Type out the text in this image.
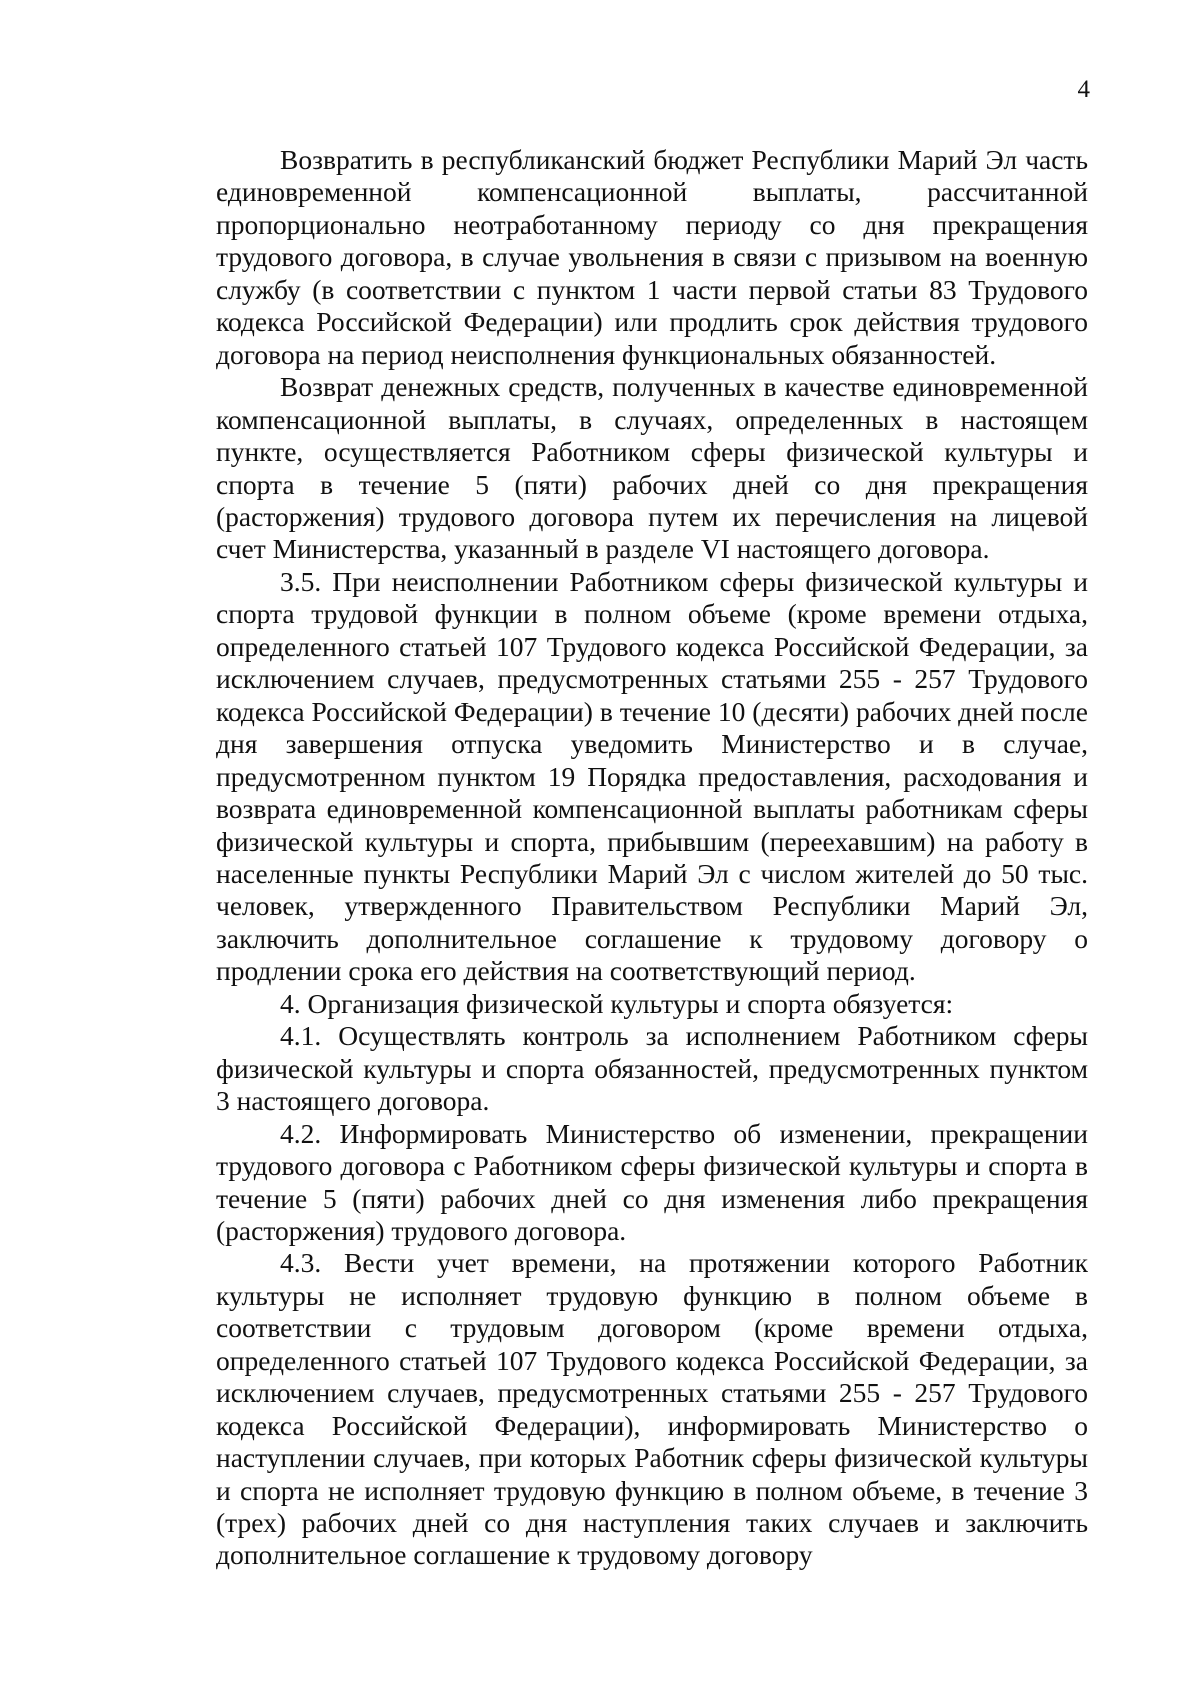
4

Возвратить в республиканский бюджет Республики Марий Эл часть единовременной компенсационной выплаты, рассчитанной пропорционально неотработанному периоду со дня прекращения трудового договора, в случае увольнения в связи с призывом на военную службу (в соответствии с пунктом 1 части первой статьи 83 Трудового кодекса Российской Федерации) или продлить срок действия трудового договора на период неисполнения функциональных обязанностей.

Возврат денежных средств, полученных в качестве единовременной компенсационной выплаты, в случаях, определенных в настоящем пункте, осуществляется Работником сферы физической культуры и спорта в течение 5 (пяти) рабочих дней со дня прекращения (расторжения) трудового договора путем их перечисления на лицевой счет Министерства, указанный в разделе VI настоящего договора.

3.5. При неисполнении Работником сферы физической культуры и спорта трудовой функции в полном объеме (кроме времени отдыха, определенного статьей 107 Трудового кодекса Российской Федерации, за исключением случаев, предусмотренных статьями 255 - 257 Трудового кодекса Российской Федерации) в течение 10 (десяти) рабочих дней после дня завершения отпуска уведомить Министерство и в случае, предусмотренном пунктом 19 Порядка предоставления, расходования и возврата единовременной компенсационной выплаты работникам сферы физической культуры и спорта, прибывшим (переехавшим) на работу в населенные пункты Республики Марий Эл с числом жителей до 50 тыс. человек, утвержденного Правительством Республики Марий Эл, заключить дополнительное соглашение к трудовому договору о продлении срока его действия на соответствующий период.

4. Организация физической культуры и спорта обязуется:

4.1. Осуществлять контроль за исполнением Работником сферы физической культуры и спорта обязанностей, предусмотренных пунктом 3 настоящего договора.

4.2. Информировать Министерство об изменении, прекращении трудового договора с Работником сферы физической культуры и спорта в течение 5 (пяти) рабочих дней со дня изменения либо прекращения (расторжения) трудового договора.

4.3. Вести учет времени, на протяжении которого Работник культуры не исполняет трудовую функцию в полном объеме в соответствии с трудовым договором (кроме времени отдыха, определенного статьей 107 Трудового кодекса Российской Федерации, за исключением случаев, предусмотренных статьями 255 - 257 Трудового кодекса Российской Федерации), информировать Министерство о наступлении случаев, при которых Работник сферы физической культуры и спорта не исполняет трудовую функцию в полном объеме, в течение 3 (трех) рабочих дней со дня наступления таких случаев и заключить дополнительное соглашение к трудовому договору
